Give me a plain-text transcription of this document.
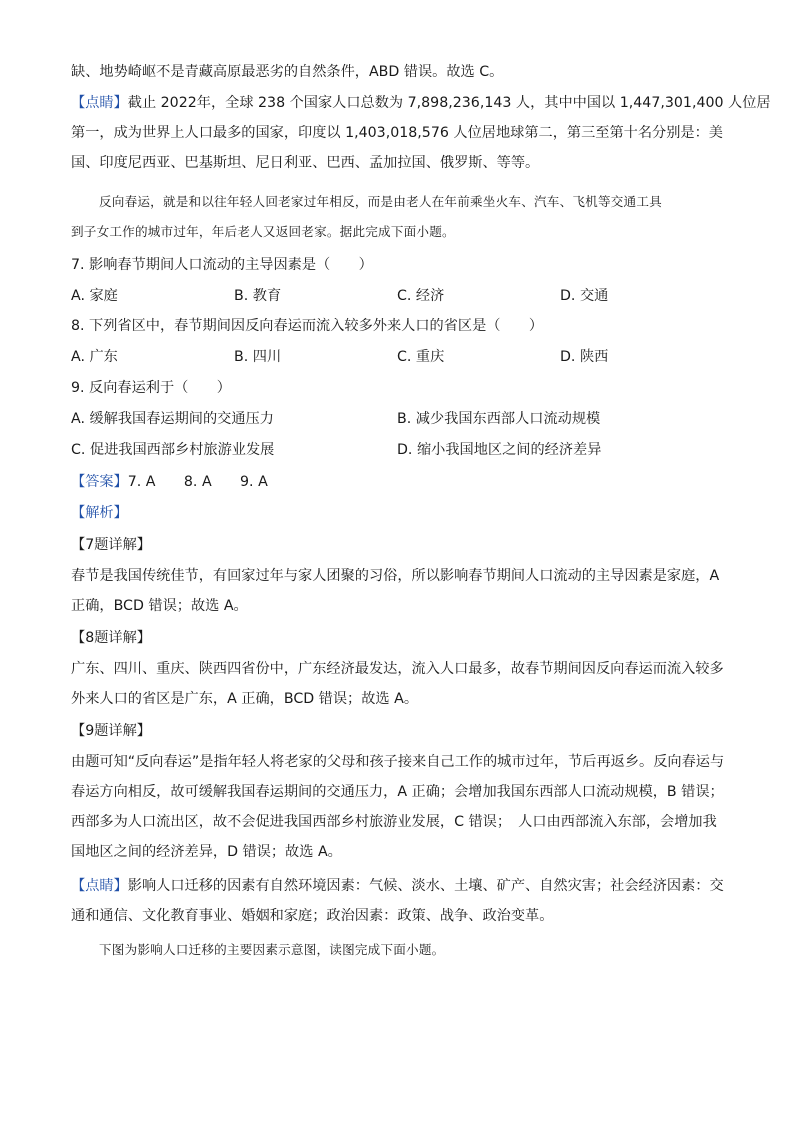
缺、地势崎岖不是青藏高原最恶劣的自然条件，ABD 错误。故选 C。

【点睛】截止 2022年，全球 238 个国家人口总数为 7,898,236,143 人，其中中国以 1,447,301,400 人位居

第一，成为世界上人口最多的国家，印度以 1,403,018,576 人位居地球第二，第三至第十名分别是：美

国、印度尼西亚、巴基斯坦、尼日利亚、巴西、孟加拉国、俄罗斯、等等。

反向春运，就是和以往年轻人回老家过年相反，而是由老人在年前乘坐火车、汽车、飞机等交通工具

到子女工作的城市过年，年后老人又返回老家。据此完成下面小题。

7. 影响春节期间人口流动的主导因素是（　　）

A. 家庭	B. 教育	C. 经济	D. 交通

8. 下列省区中，春节期间因反向春运而流入较多外来人口的省区是（　　）

A. 广东	B. 四川	C. 重庆	D. 陕西

9. 反向春运利于（　　）

A. 缓解我国春运期间的交通压力	B. 减少我国东西部人口流动规模
C. 促进我国西部乡村旅游业发展	D. 缩小我国地区之间的经济差异

【答案】7. A　　8. A　　9. A

【解析】

【7题详解】

春节是我国传统佳节，有回家过年与家人团聚的习俗，所以影响春节期间人口流动的主导因素是家庭，A

正确，BCD 错误；故选 A。

【8题详解】

广东、四川、重庆、陕西四省份中，广东经济最发达，流入人口最多，故春节期间因反向春运而流入较多

外来人口的省区是广东，A 正确，BCD 错误；故选 A。

【9题详解】

由题可知“反向春运”是指年轻人将老家的父母和孩子接来自己工作的城市过年，节后再返乡。反向春运与

春运方向相反，故可缓解我国春运期间的交通压力，A 正确；会增加我国东西部人口流动规模，B 错误；

西部多为人口流出区，故不会促进我国西部乡村旅游业发展，C 错误；　人口由西部流入东部，会增加我

国地区之间的经济差异，D 错误；故选 A。

【点睛】影响人口迁移的因素有自然环境因素：气候、淡水、土壤、矿产、自然灾害；社会经济因素：交

通和通信、文化教育事业、婚姻和家庭；政治因素：政策、战争、政治变革。

下图为影响人口迁移的主要因素示意图，读图完成下面小题。
